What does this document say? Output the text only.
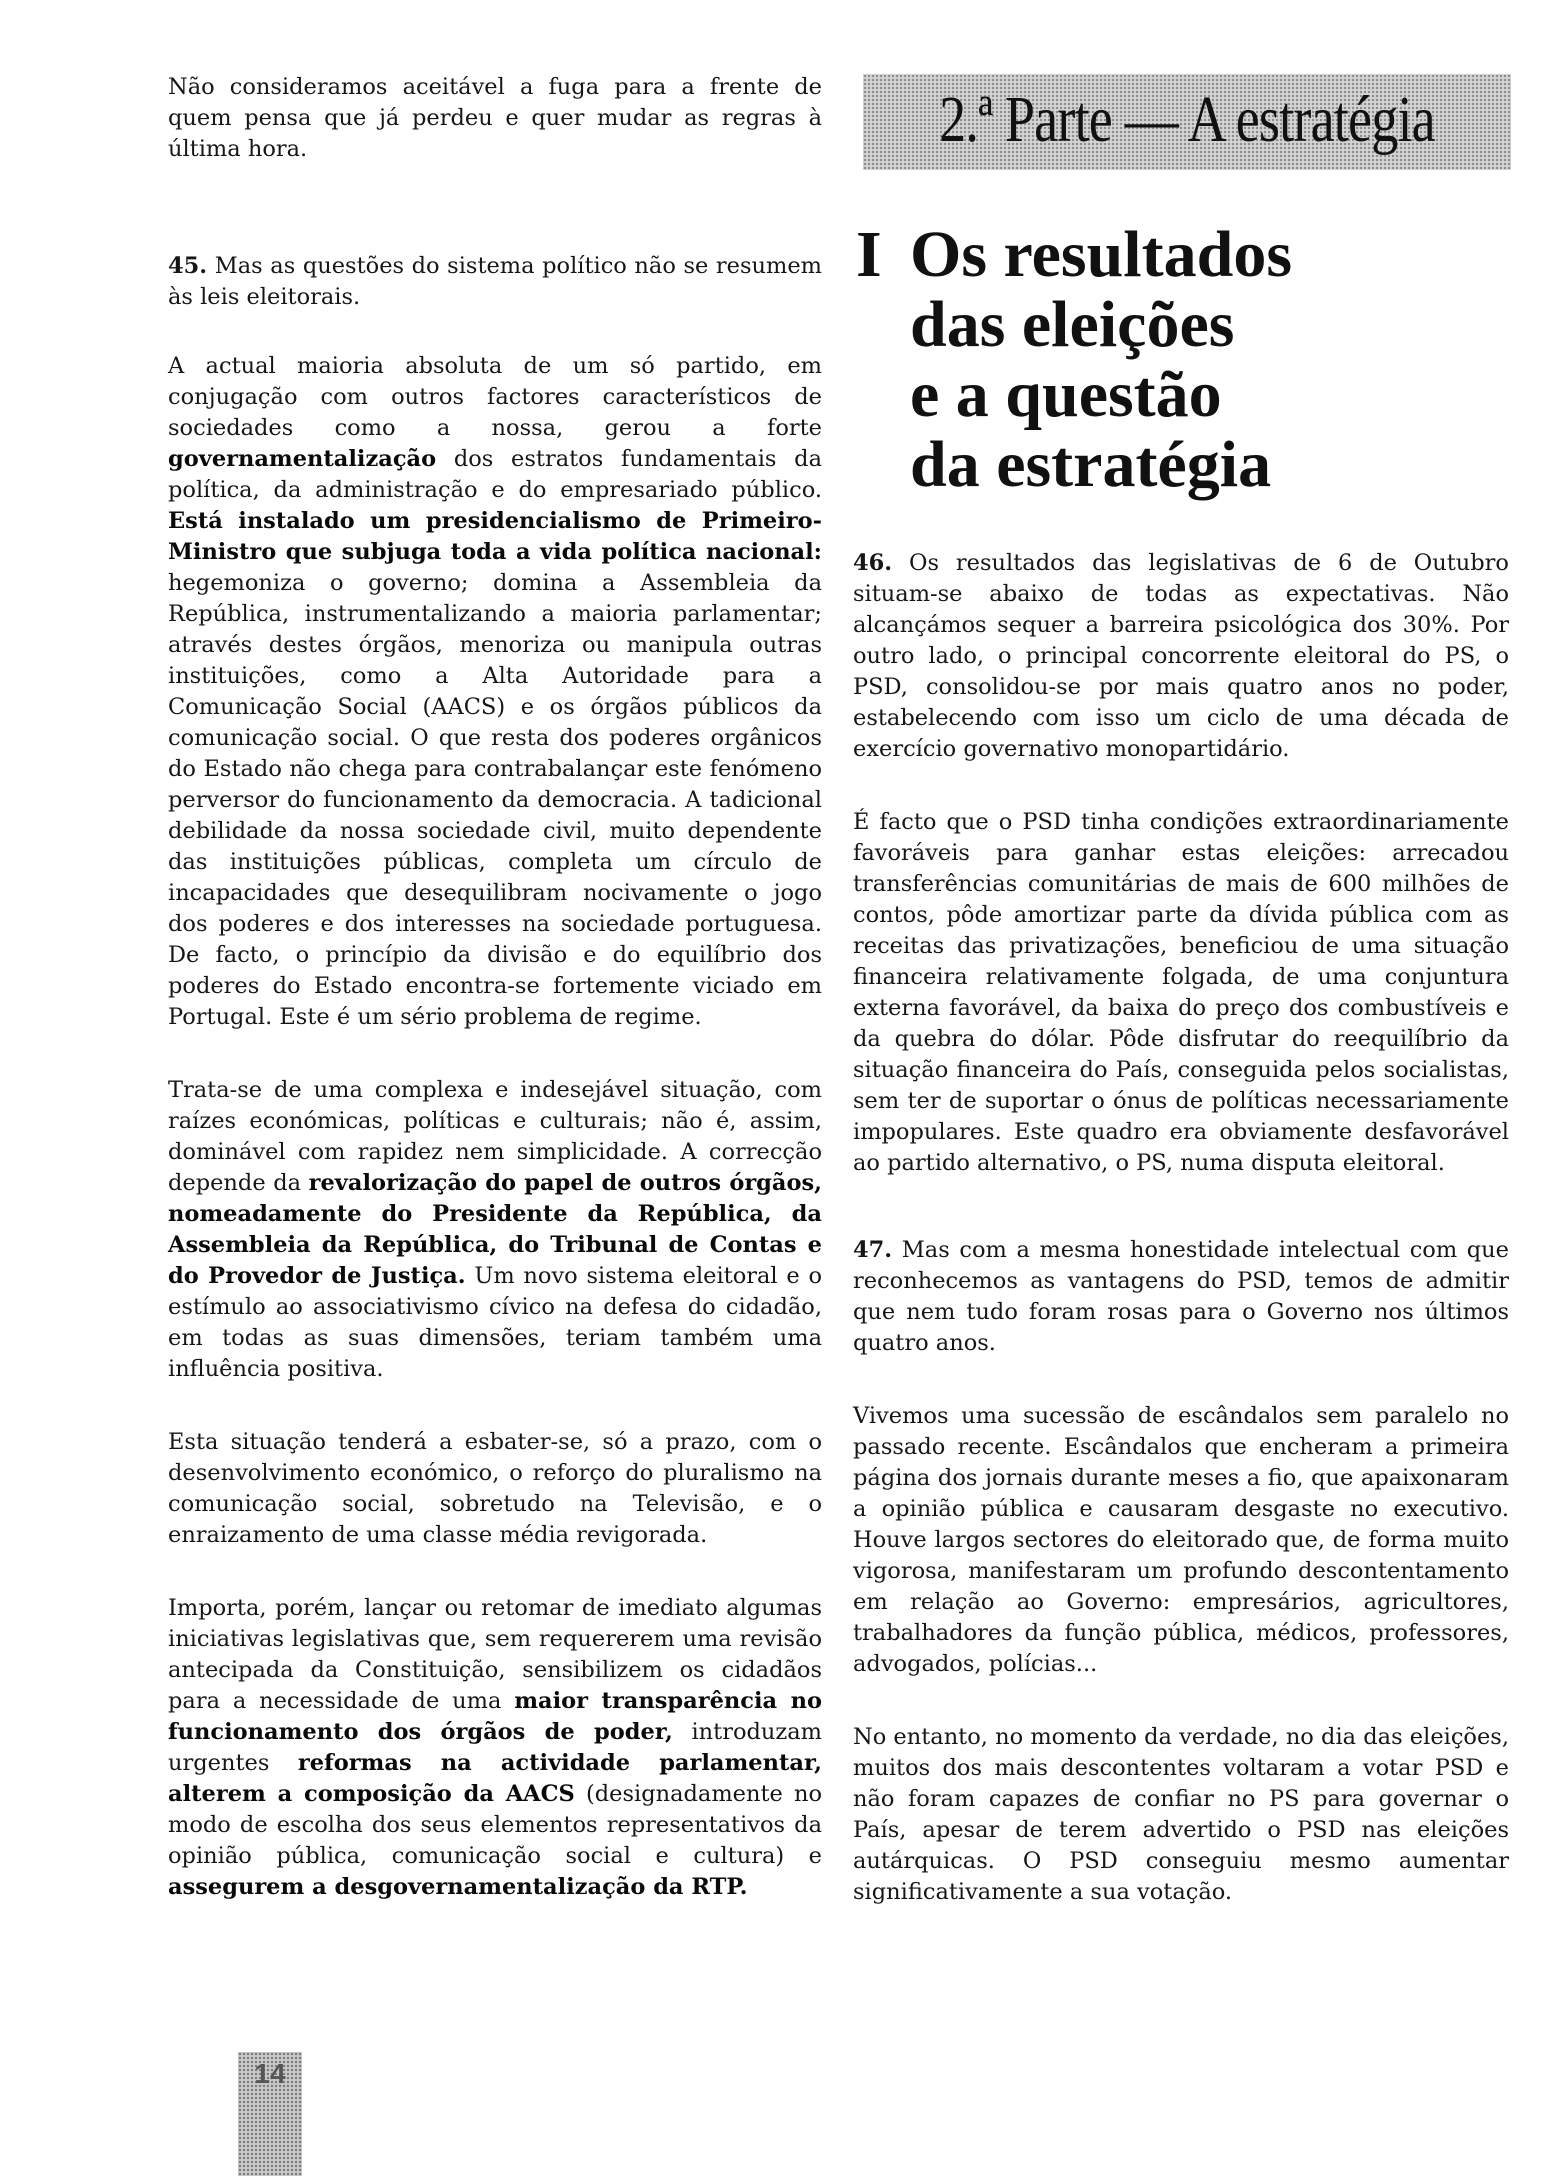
Não consideramos aceitável a fuga para a frente de quem pensa que já perdeu e quer mudar as regras à última hora.

45. Mas as questões do sistema político não se resumem às leis eleitorais.

A actual maioria absoluta de um só partido, em conjugação com outros factores característicos de sociedades como a nossa, gerou a forte governamentalização dos estratos fundamentais da política, da administração e do empresariado público. Está instalado um presidencialismo de Primeiro-Ministro que subjuga toda a vida política nacional: hegemoniza o governo; domina a Assembleia da República, instrumentalizando a maioria parlamentar; através destes órgãos, menoriza ou manipula outras instituições, como a Alta Autoridade para a Comunicação Social (AACS) e os órgãos públicos da comunicação social. O que resta dos poderes orgânicos do Estado não chega para contrabalançar este fenómeno perversor do funcionamento da democracia. A tadicional debilidade da nossa sociedade civil, muito dependente das instituições públicas, completa um círculo de incapacidades que desequilibram nocivamente o jogo dos poderes e dos interesses na sociedade portuguesa. De facto, o princípio da divisão e do equilíbrio dos poderes do Estado encontra-se fortemente viciado em Portugal. Este é um sério problema de regime.

Trata-se de uma complexa e indesejável situação, com raízes económicas, políticas e culturais; não é, assim, dominável com rapidez nem simplicidade. A correcção depende da revalorização do papel de outros órgãos, nomeadamente do Presidente da República, da Assembleia da República, do Tribunal de Contas e do Provedor de Justiça. Um novo sistema eleitoral e o estímulo ao associativismo cívico na defesa do cidadão, em todas as suas dimensões, teriam também uma influência positiva.

Esta situação tenderá a esbater-se, só a prazo, com o desenvolvimento económico, o reforço do pluralismo na comunicação social, sobretudo na Televisão, e o enraizamento de uma classe média revigorada.

Importa, porém, lançar ou retomar de imediato algumas iniciativas legislativas que, sem requererem uma revisão antecipada da Constituição, sensibilizem os cidadãos para a necessidade de uma maior transparência no funcionamento dos órgãos de poder, introduzam urgentes reformas na actividade parlamentar, alterem a composição da AACS (designadamente no modo de escolha dos seus elementos representativos da opinião pública, comunicação social e cultura) e assegurem a desgovernamentalização da RTP.

2.ª Parte — A estratégia
I Os resultados
das eleições
e a questão
da estratégia

46. Os resultados das legislativas de 6 de Outubro situam-se abaixo de todas as expectativas. Não alcançámos sequer a barreira psicológica dos 30%. Por outro lado, o principal concorrente eleitoral do PS, o PSD, consolidou-se por mais quatro anos no poder, estabelecendo com isso um ciclo de uma década de exercício governativo monopartidário.

É facto que o PSD tinha condições extraordinariamente favoráveis para ganhar estas eleições: arrecadou transferências comunitárias de mais de 600 milhões de contos, pôde amortizar parte da dívida pública com as receitas das privatizações, beneficiou de uma situação financeira relativamente folgada, de uma conjuntura externa favorável, da baixa do preço dos combustíveis e da quebra do dólar. Pôde disfrutar do reequilíbrio da situação financeira do País, conseguida pelos socialistas, sem ter de suportar o ónus de políticas necessariamente impopulares. Este quadro era obviamente desfavorável ao partido alternativo, o PS, numa disputa eleitoral.

47. Mas com a mesma honestidade intelectual com que reconhecemos as vantagens do PSD, temos de admitir que nem tudo foram rosas para o Governo nos últimos quatro anos.

Vivemos uma sucessão de escândalos sem paralelo no passado recente. Escândalos que encheram a primeira página dos jornais durante meses a fio, que apaixonaram a opinião pública e causaram desgaste no executivo. Houve largos sectores do eleitorado que, de forma muito vigorosa, manifestaram um profundo descontentamento em relação ao Governo: empresários, agricultores, trabalhadores da função pública, médicos, professores, advogados, polícias...

No entanto, no momento da verdade, no dia das eleições, muitos dos mais descontentes voltaram a votar PSD e não foram capazes de confiar no PS para governar o País, apesar de terem advertido o PSD nas eleições autárquicas. O PSD conseguiu mesmo aumentar significativamente a sua votação.

14
